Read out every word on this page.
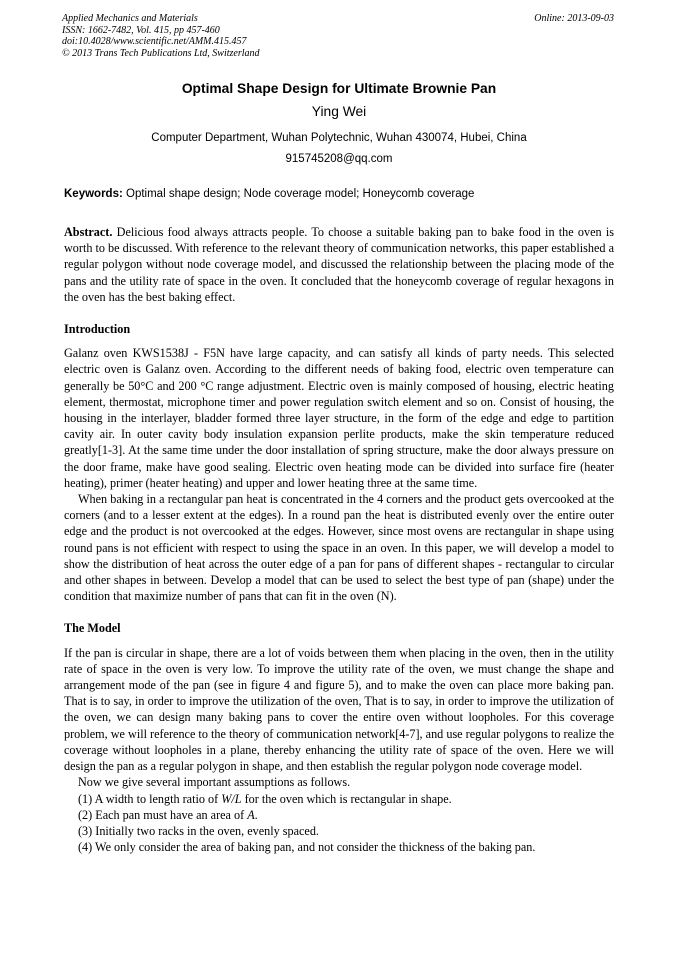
Applied Mechanics and Materials
ISSN: 1662-7482, Vol. 415, pp 457-460
doi:10.4028/www.scientific.net/AMM.415.457
© 2013 Trans Tech Publications Ltd, Switzerland
Online: 2013-09-03
Optimal Shape Design for Ultimate Brownie Pan
Ying Wei
Computer Department, Wuhan Polytechnic, Wuhan 430074, Hubei, China
915745208@qq.com
Keywords: Optimal shape design; Node coverage model; Honeycomb coverage

Abstract. Delicious food always attracts people. To choose a suitable baking pan to bake food in the oven is worth to be discussed. With reference to the relevant theory of communication networks, this paper established a regular polygon without node coverage model, and discussed the relationship between the placing mode of the pans and the utility rate of space in the oven. It concluded that the honeycomb coverage of regular hexagons in the oven has the best baking effect.

Introduction

Galanz oven KWS1538J - F5N have large capacity, and can satisfy all kinds of party needs. This selected electric oven is Galanz oven. According to the different needs of baking food, electric oven temperature can generally be 50°C and 200 °C range adjustment. Electric oven is mainly composed of housing, electric heating element, thermostat, microphone timer and power regulation switch element and so on. Consist of housing, the housing in the interlayer, bladder formed three layer structure, in the form of the edge and edge to partition cavity air. In outer cavity body insulation expansion perlite products, make the skin temperature reduced greatly[1-3]. At the same time under the door installation of spring structure, make the door always pressure on the door frame, make have good sealing. Electric oven heating mode can be divided into surface fire (heater heating), primer (heater heating) and upper and lower heating three at the same time.

When baking in a rectangular pan heat is concentrated in the 4 corners and the product gets overcooked at the corners (and to a lesser extent at the edges). In a round pan the heat is distributed evenly over the entire outer edge and the product is not overcooked at the edges. However, since most ovens are rectangular in shape using round pans is not efficient with respect to using the space in an oven. In this paper, we will develop a model to show the distribution of heat across the outer edge of a pan for pans of different shapes - rectangular to circular and other shapes in between. Develop a model that can be used to select the best type of pan (shape) under the condition that maximize number of pans that can fit in the oven (N).

The Model

If the pan is circular in shape, there are a lot of voids between them when placing in the oven, then in the utility rate of space in the oven is very low. To improve the utility rate of the oven, we must change the shape and arrangement mode of the pan (see in figure 4 and figure 5), and to make the oven can place more baking pan. That is to say, in order to improve the utilization of the oven, That is to say, in order to improve the utilization of the oven, we can design many baking pans to cover the entire oven without loopholes. For this coverage problem, we will reference to the theory of communication network[4-7], and use regular polygons to realize the coverage without loopholes in a plane, thereby enhancing the utility rate of space of the oven. Here we will design the pan as a regular polygon in shape, and then establish the regular polygon node coverage model.

Now we give several important assumptions as follows.

(1) A width to length ratio of W/L for the oven which is rectangular in shape.
(2) Each pan must have an area of A.
(3) Initially two racks in the oven, evenly spaced.
(4) We only consider the area of baking pan, and not consider the thickness of the baking pan.
